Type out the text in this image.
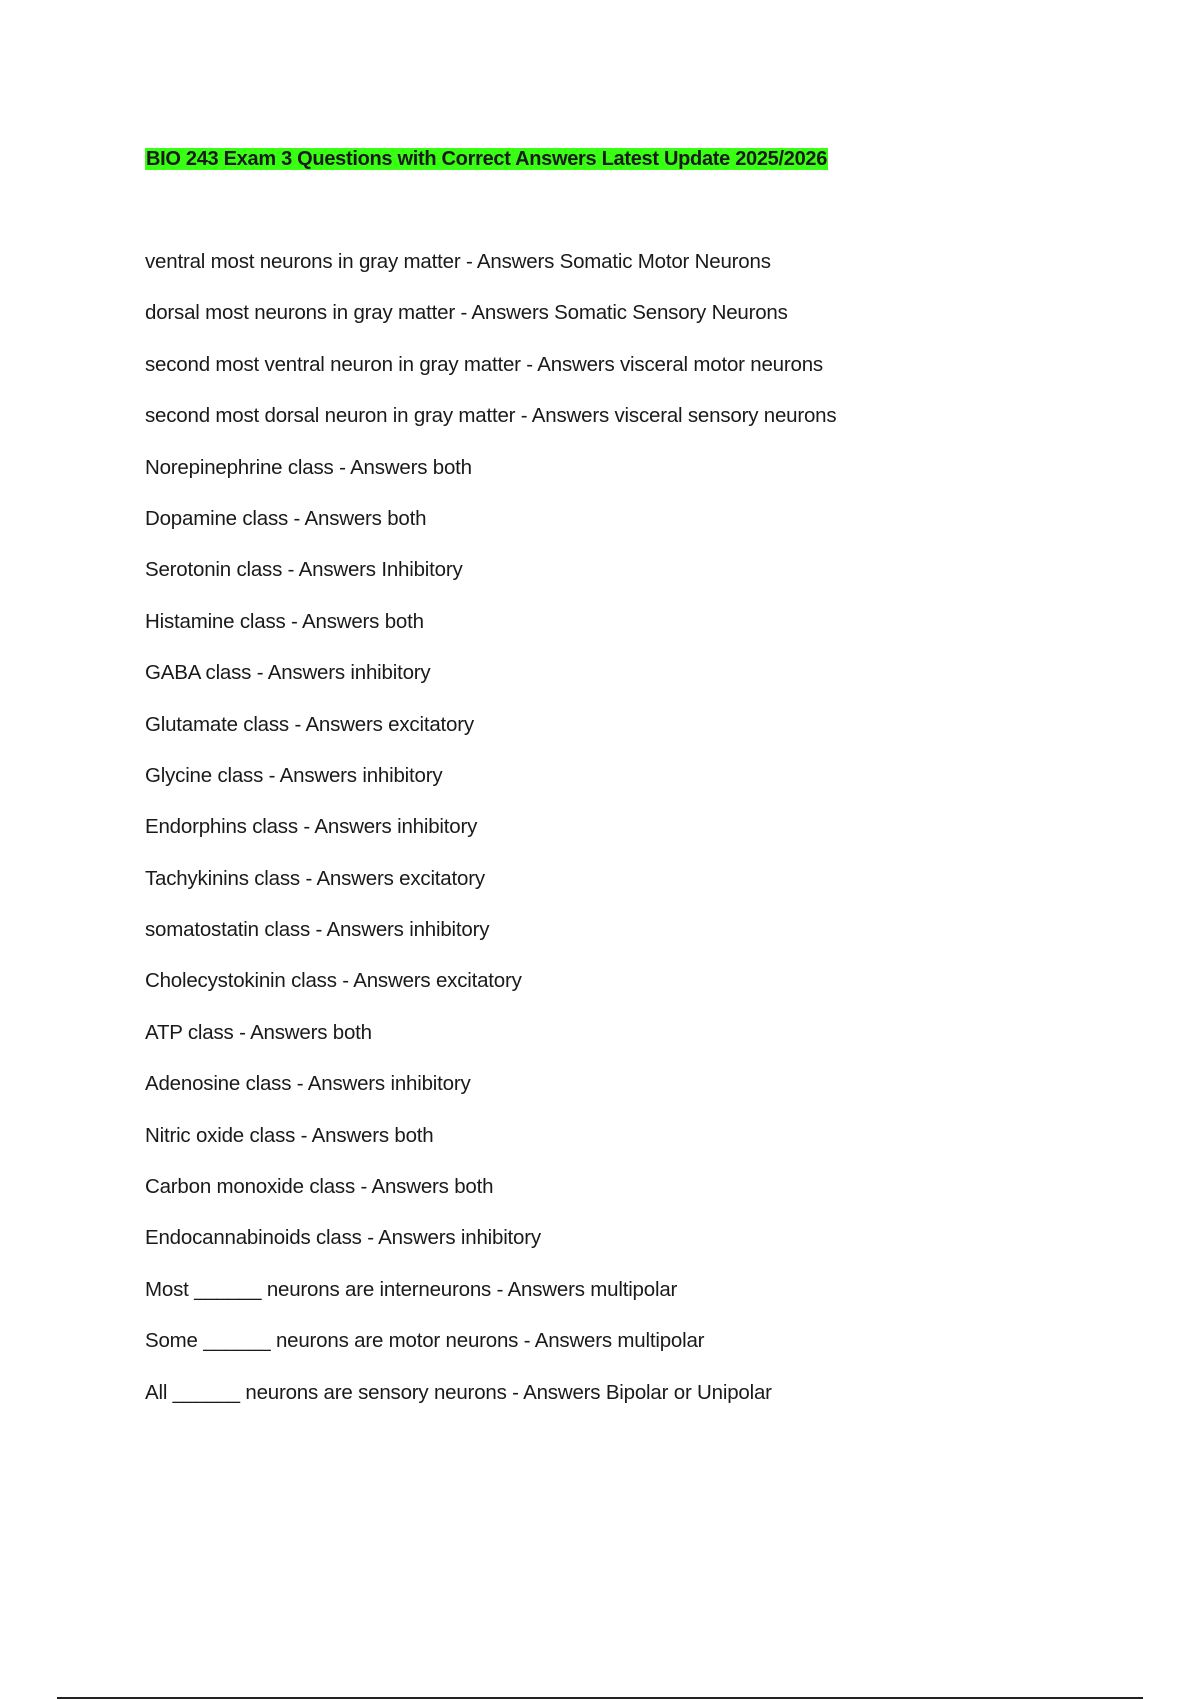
BIO 243 Exam 3 Questions with Correct Answers Latest Update 2025/2026
ventral most neurons in gray matter - Answers Somatic Motor Neurons
dorsal most neurons in gray matter - Answers Somatic Sensory Neurons
second most ventral neuron in gray matter - Answers visceral motor neurons
second most dorsal neuron in gray matter - Answers visceral sensory neurons
Norepinephrine class - Answers both
Dopamine class - Answers both
Serotonin class - Answers Inhibitory
Histamine class - Answers both
GABA class - Answers inhibitory
Glutamate class - Answers excitatory
Glycine class - Answers inhibitory
Endorphins class - Answers inhibitory
Tachykinins class - Answers excitatory
somatostatin class - Answers inhibitory
Cholecystokinin class - Answers excitatory
ATP class - Answers both
Adenosine class - Answers inhibitory
Nitric oxide class - Answers both
Carbon monoxide class - Answers both
Endocannabinoids class - Answers inhibitory
Most ______ neurons are interneurons - Answers multipolar
Some ______ neurons are motor neurons - Answers multipolar
All ______ neurons are sensory neurons - Answers Bipolar or Unipolar
